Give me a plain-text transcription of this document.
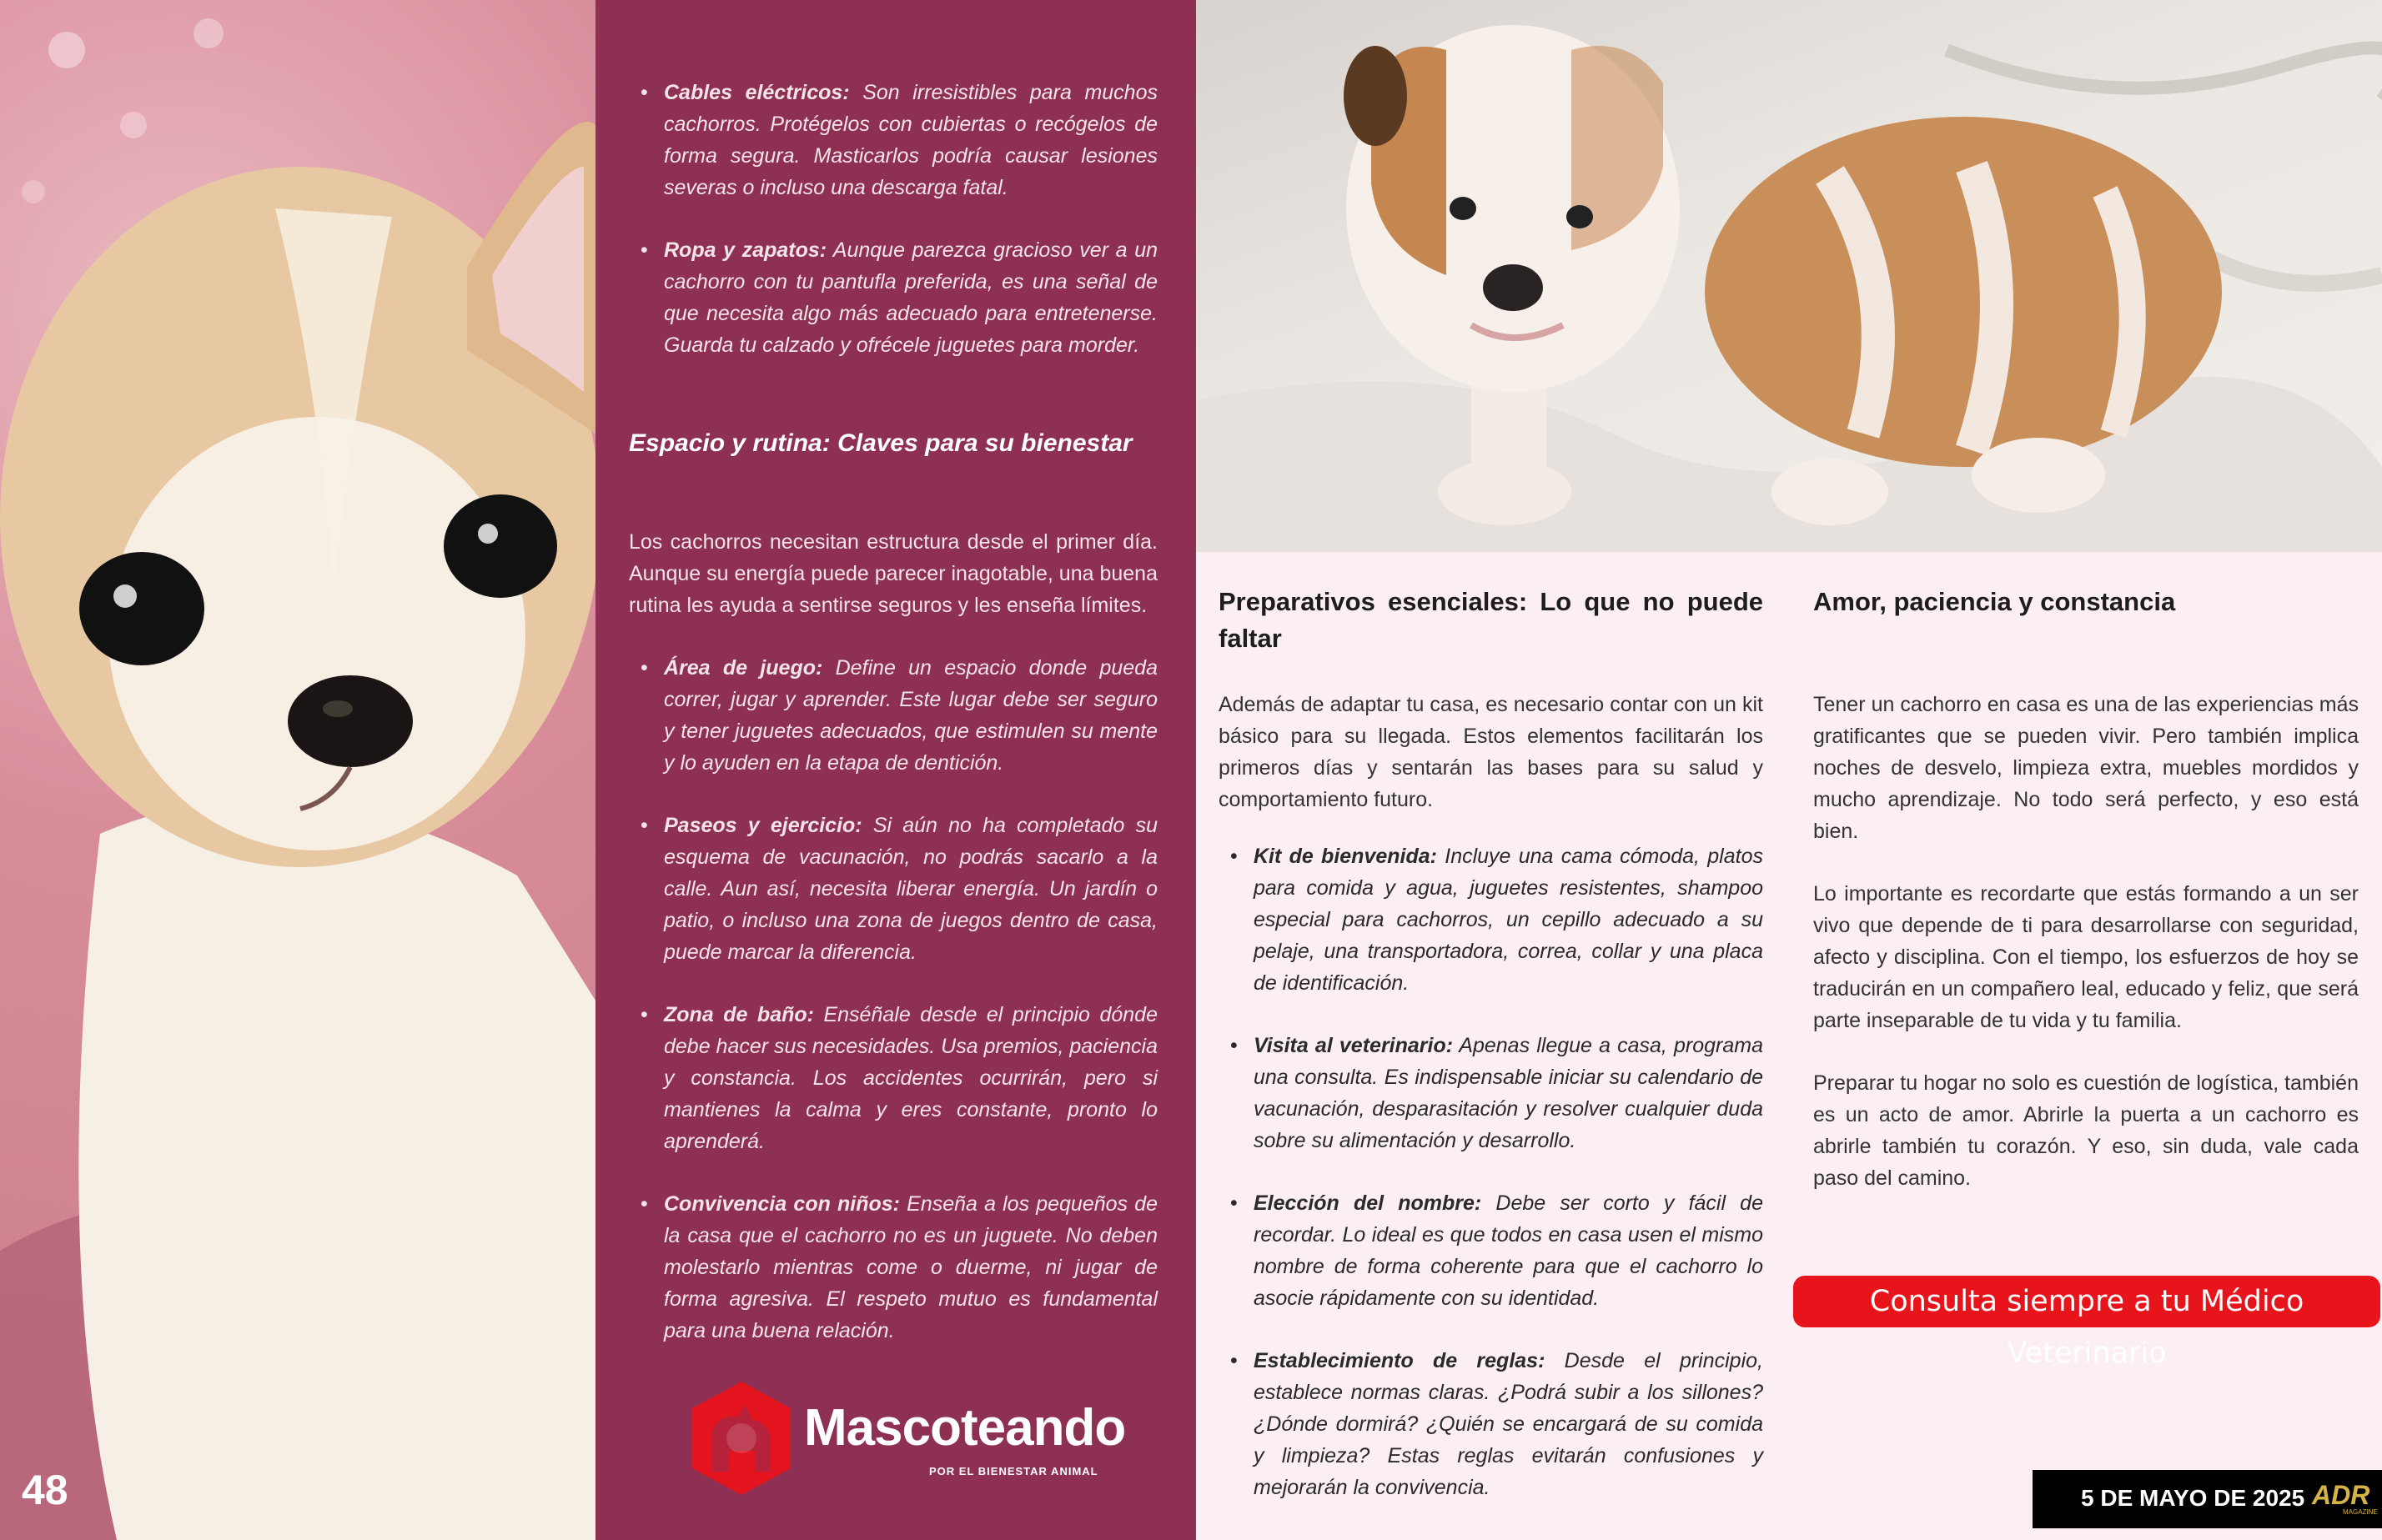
48
• Cables eléctricos: Son irresistibles para muchos cachorros. Protégelos con cubiertas o recógelos de forma segura. Masticarlos podría causar lesiones severas o incluso una descarga fatal.
• Ropa y zapatos: Aunque parezca gracioso ver a un cachorro con tu pantufla preferida, es una señal de que necesita algo más adecuado para entretenerse. Guarda tu calzado y ofrécele juguetes para morder.
Espacio y rutina: Claves para su bienestar

Los cachorros necesitan estructura desde el primer día. Aunque su energía puede parecer inagotable, una buena rutina les ayuda a sentirse seguros y les enseña límites.

• Área de juego: Define un espacio donde pueda correr, jugar y aprender. Este lugar debe ser seguro y tener juguetes adecuados, que estimulen su mente y lo ayuden en la etapa de dentición.
• Paseos y ejercicio: Si aún no ha completado su esquema de vacunación, no podrás sacarlo a la calle. Aun así, necesita liberar energía. Un jardín o patio, o incluso una zona de juegos dentro de casa, puede marcar la diferencia.
• Zona de baño: Enséñale desde el principio dónde debe hacer sus necesidades. Usa premios, paciencia y constancia. Los accidentes ocurrirán, pero si mantienes la calma y eres constante, pronto lo aprenderá.
• Convivencia con niños: Enseña a los pequeños de la casa que el cachorro no es un juguete. No deben molestarlo mientras come o duerme, ni jugar de forma agresiva. El respeto mutuo es fundamental para una buena relación.
Mascoteando
POR EL BIENESTAR ANIMAL
Preparativos esenciales: Lo que no puede faltar

Además de adaptar tu casa, es necesario contar con un kit básico para su llegada. Estos elementos facilitarán los primeros días y sentarán las bases para su salud y comportamiento futuro.

• Kit de bienvenida: Incluye una cama cómoda, platos para comida y agua, juguetes resistentes, shampoo especial para cachorros, un cepillo adecuado a su pelaje, una transportadora, correa, collar y una placa de identificación.
• Visita al veterinario: Apenas llegue a casa, programa una consulta. Es indispensable iniciar su calendario de vacunación, desparasitación y resolver cualquier duda sobre su alimentación y desarrollo.
• Elección del nombre: Debe ser corto y fácil de recordar. Lo ideal es que todos en casa usen el mismo nombre de forma coherente para que el cachorro lo asocie rápidamente con su identidad.
• Establecimiento de reglas: Desde el principio, establece normas claras. ¿Podrá subir a los sillones? ¿Dónde dormirá? ¿Quién se encargará de su comida y limpieza? Estas reglas evitarán confusiones y mejorarán la convivencia.
Amor, paciencia y constancia

Tener un cachorro en casa es una de las experiencias más gratificantes que se pueden vivir. Pero también implica noches de desvelo, limpieza extra, muebles mordidos y mucho aprendizaje. No todo será perfecto, y eso está bien.

Lo importante es recordarte que estás formando a un ser vivo que depende de ti para desarrollarse con seguridad, afecto y disciplina. Con el tiempo, los esfuerzos de hoy se traducirán en un compañero leal, educado y feliz, que será parte inseparable de tu vida y tu familia.

Preparar tu hogar no solo es cuestión de logística, también es un acto de amor. Abrirle la puerta a un cachorro es abrirle también tu corazón. Y eso, sin duda, vale cada paso del camino.

Consulta siempre a tu Médico Veterinario
5 DE MAYO DE 2025 ADR
MAGAZINE
